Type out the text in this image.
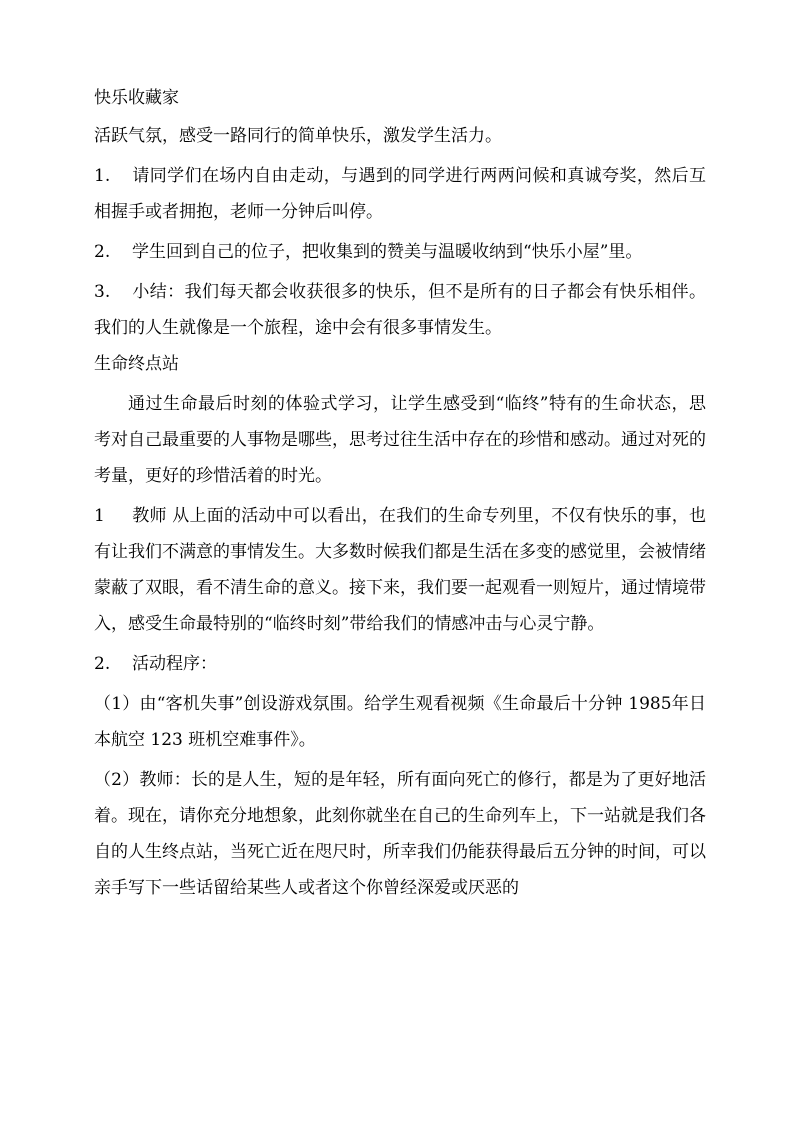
快乐收藏家

活跃气氛，感受一路同行的简单快乐，激发学生活力。

1. 请同学们在场内自由走动，与遇到的同学进行两两问候和真诚夸奖，然后互相握手或者拥抱，老师一分钟后叫停。

2. 学生回到自己的位子，把收集到的赞美与温暖收纳到“快乐小屋”里。

3. 小结：我们每天都会收获很多的快乐，但不是所有的日子都会有快乐相伴。我们的人生就像是一个旅程，途中会有很多事情发生。

生命终点站

通过生命最后时刻的体验式学习，让学生感受到“临终”特有的生命状态，思考对自己最重要的人事物是哪些，思考过往生活中存在的珍惜和感动。通过对死的考量，更好的珍惜活着的时光。

1 教师 从上面的活动中可以看出，在我们的生命专列里，不仅有快乐的事，也有让我们不满意的事情发生。大多数时候我们都是生活在多变的感觉里，会被情绪蒙蔽了双眼，看不清生命的意义。接下来，我们要一起观看一则短片，通过情境带入，感受生命最特别的“临终时刻”带给我们的情感冲击与心灵宁静。

2. 活动程序：

（1）由“客机失事”创设游戏氛围。给学生观看视频《生命最后十分钟 1985年日本航空 123 班机空难事件》。

（2）教师：长的是人生，短的是年轻，所有面向死亡的修行，都是为了更好地活着。现在，请你充分地想象，此刻你就坐在自己的生命列车上，下一站就是我们各自的人生终点站，当死亡近在咫尺时，所幸我们仍能获得最后五分钟的时间，可以亲手写下一些话留给某些人或者这个你曾经深爱或厌恶的
